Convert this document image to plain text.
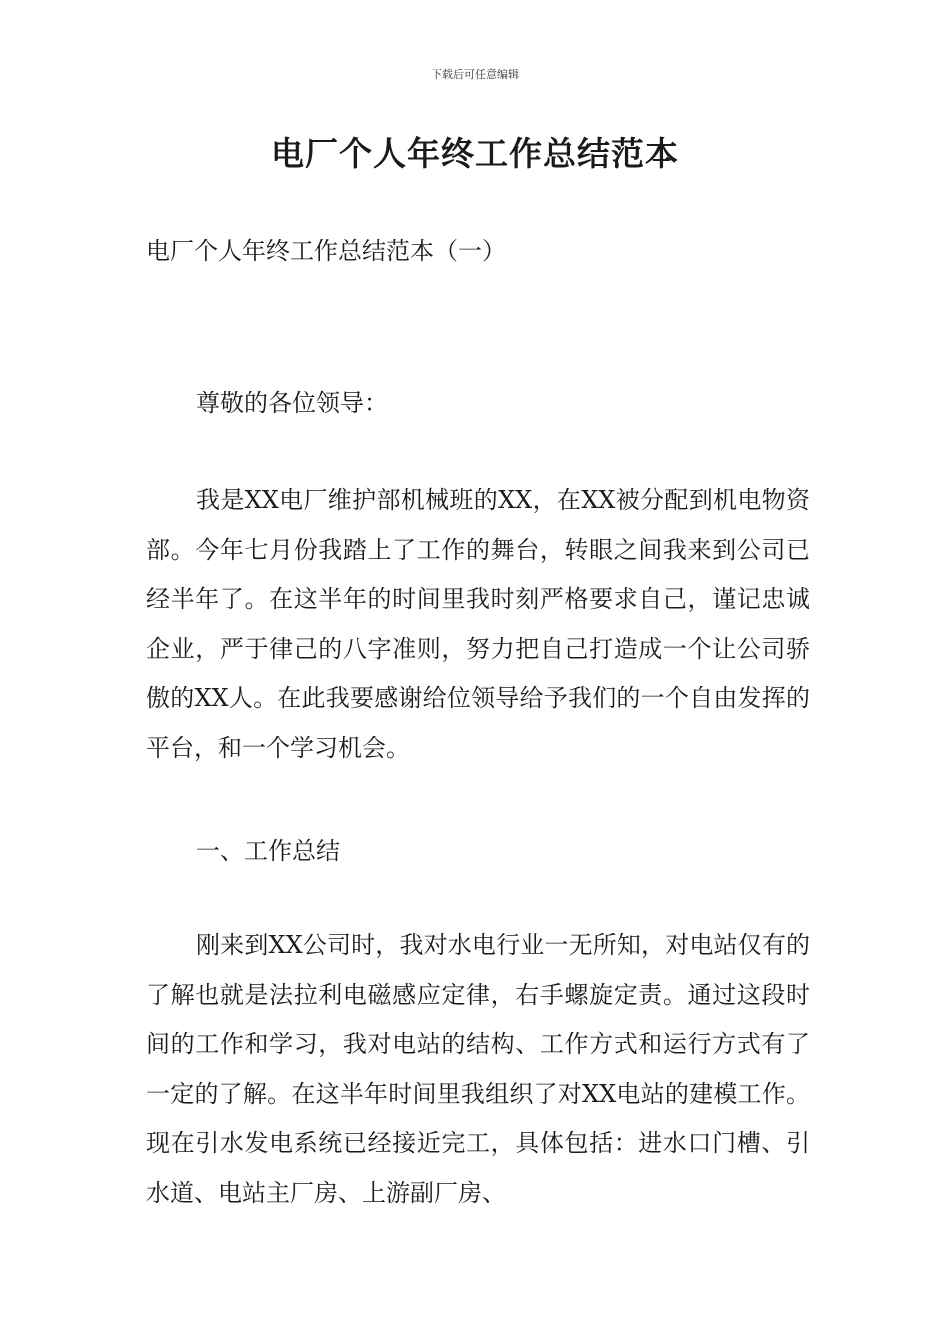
下载后可任意编辑
电厂个人年终工作总结范本
电厂个人年终工作总结范本（一）
尊敬的各位领导：

我是XX电厂维护部机械班的XX，在XX被分配到机电物资部。今年七月份我踏上了工作的舞台，转眼之间我来到公司已经半年了。在这半年的时间里我时刻严格要求自己，谨记忠诚企业，严于律己的八字准则，努力把自己打造成一个让公司骄傲的XX人。在此我要感谢给位领导给予我们的一个自由发挥的平台，和一个学习机会。

一、工作总结

刚来到XX公司时，我对水电行业一无所知，对电站仅有的了解也就是法拉利电磁感应定律，右手螺旋定责。通过这段时间的工作和学习，我对电站的结构、工作方式和运行方式有了一定的了解。在这半年时间里我组织了对XX电站的建模工作。现在引水发电系统已经接近完工，具体包括：进水口门槽、引水道、电站主厂房、上游副厂房、
